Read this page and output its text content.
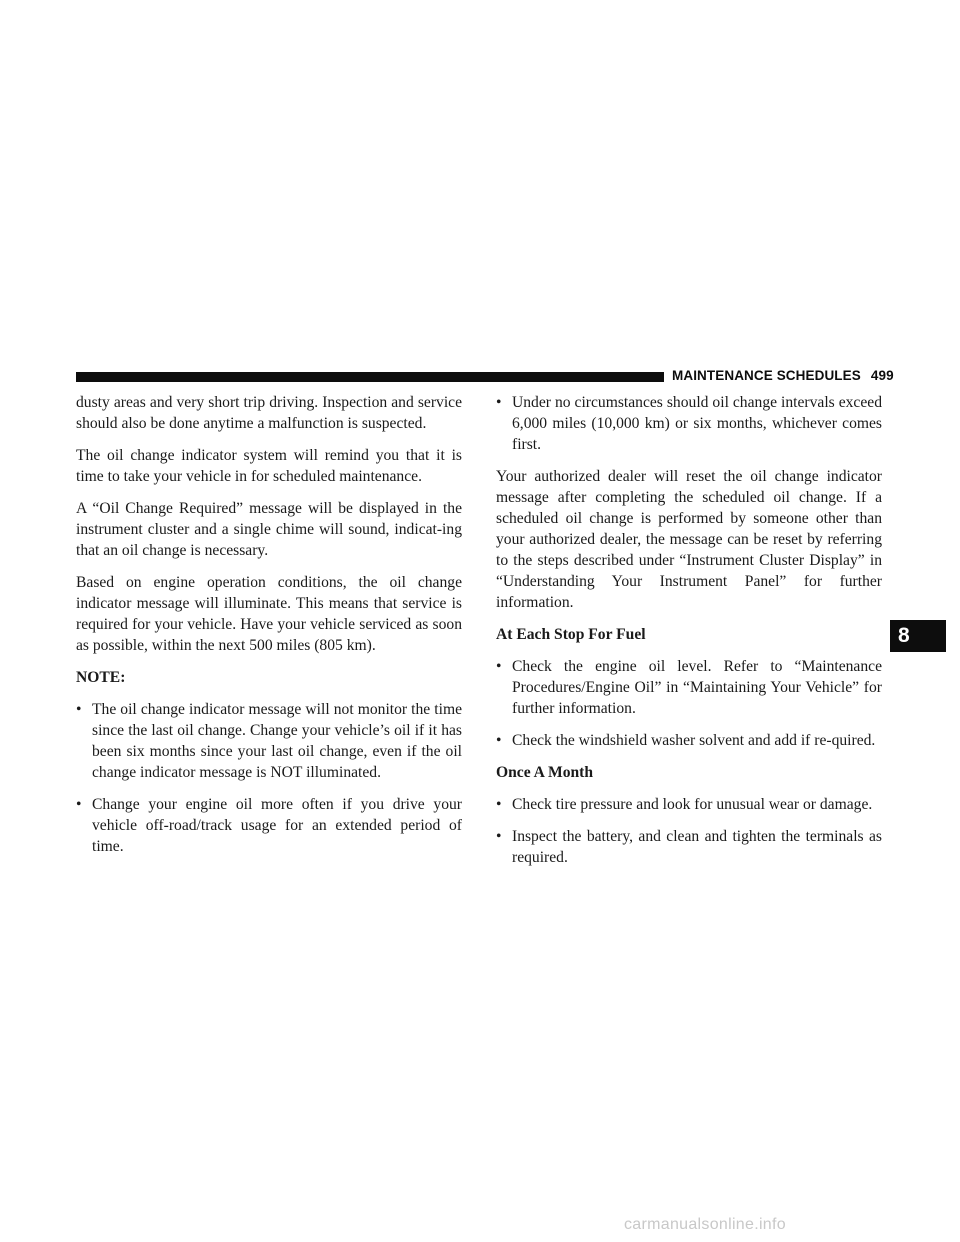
MAINTENANCE SCHEDULES 499
8

dusty areas and very short trip driving. Inspection and service should also be done anytime a malfunction is suspected.

The oil change indicator system will remind you that it is time to take your vehicle in for scheduled maintenance.

A “Oil Change Required” message will be displayed in the instrument cluster and a single chime will sound, indicat-ing that an oil change is necessary.

Based on engine operation conditions, the oil change indicator message will illuminate. This means that service is required for your vehicle. Have your vehicle serviced as soon as possible, within the next 500 miles (805 km).

NOTE:
• The oil change indicator message will not monitor the time since the last oil change. Change your vehicle’s oil if it has been six months since your last oil change, even if the oil change indicator message is NOT illuminated.
• Change your engine oil more often if you drive your vehicle off-road/track usage for an extended period of time.
• Under no circumstances should oil change intervals exceed 6,000 miles (10,000 km) or six months, whichever comes first.

Your authorized dealer will reset the oil change indicator message after completing the scheduled oil change. If a scheduled oil change is performed by someone other than your authorized dealer, the message can be reset by referring to the steps described under “Instrument Cluster Display” in “Understanding Your Instrument Panel” for further information.

At Each Stop For Fuel
• Check the engine oil level. Refer to “Maintenance Procedures/Engine Oil” in “Maintaining Your Vehicle” for further information.
• Check the windshield washer solvent and add if re-quired.
Once A Month
• Check tire pressure and look for unusual wear or damage.
• Inspect the battery, and clean and tighten the terminals as required.
carmanualsonline.info
